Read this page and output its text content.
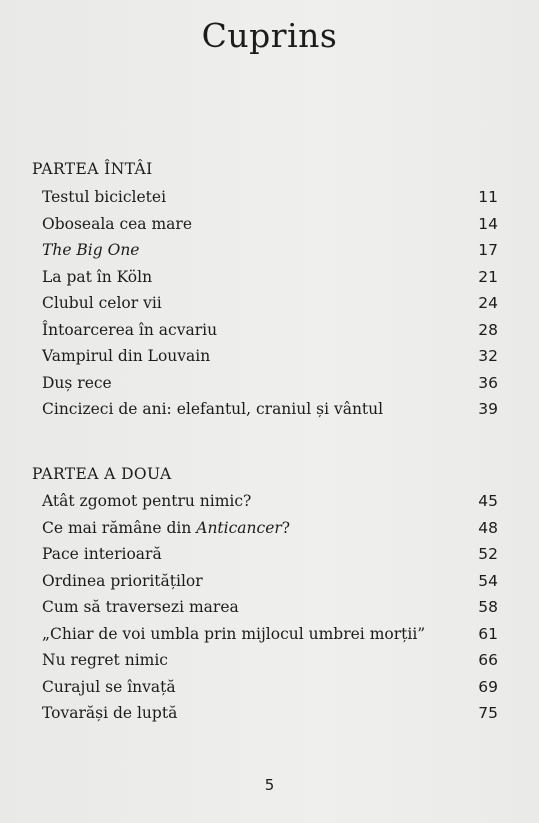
Cuprins
PARTEA ÎNTÂI
Testul bicicletei	11
Oboseala cea mare	14
The Big One	17
La pat în Köln	21
Clubul celor vii	24
Întoarcerea în acvariu	28
Vampirul din Louvain	32
Duș rece	36
Cincizeci de ani: elefantul, craniul și vântul	39
PARTEA A DOUA
Atât zgomot pentru nimic?	45
Ce mai rămâne din Anticancer?	48
Pace interioară	52
Ordinea priorităților	54
Cum să traversezi marea	58
„Chiar de voi umbla prin mijlocul umbrei morții”	61
Nu regret nimic	66
Curajul se învață	69
Tovarăși de luptă	75
5
